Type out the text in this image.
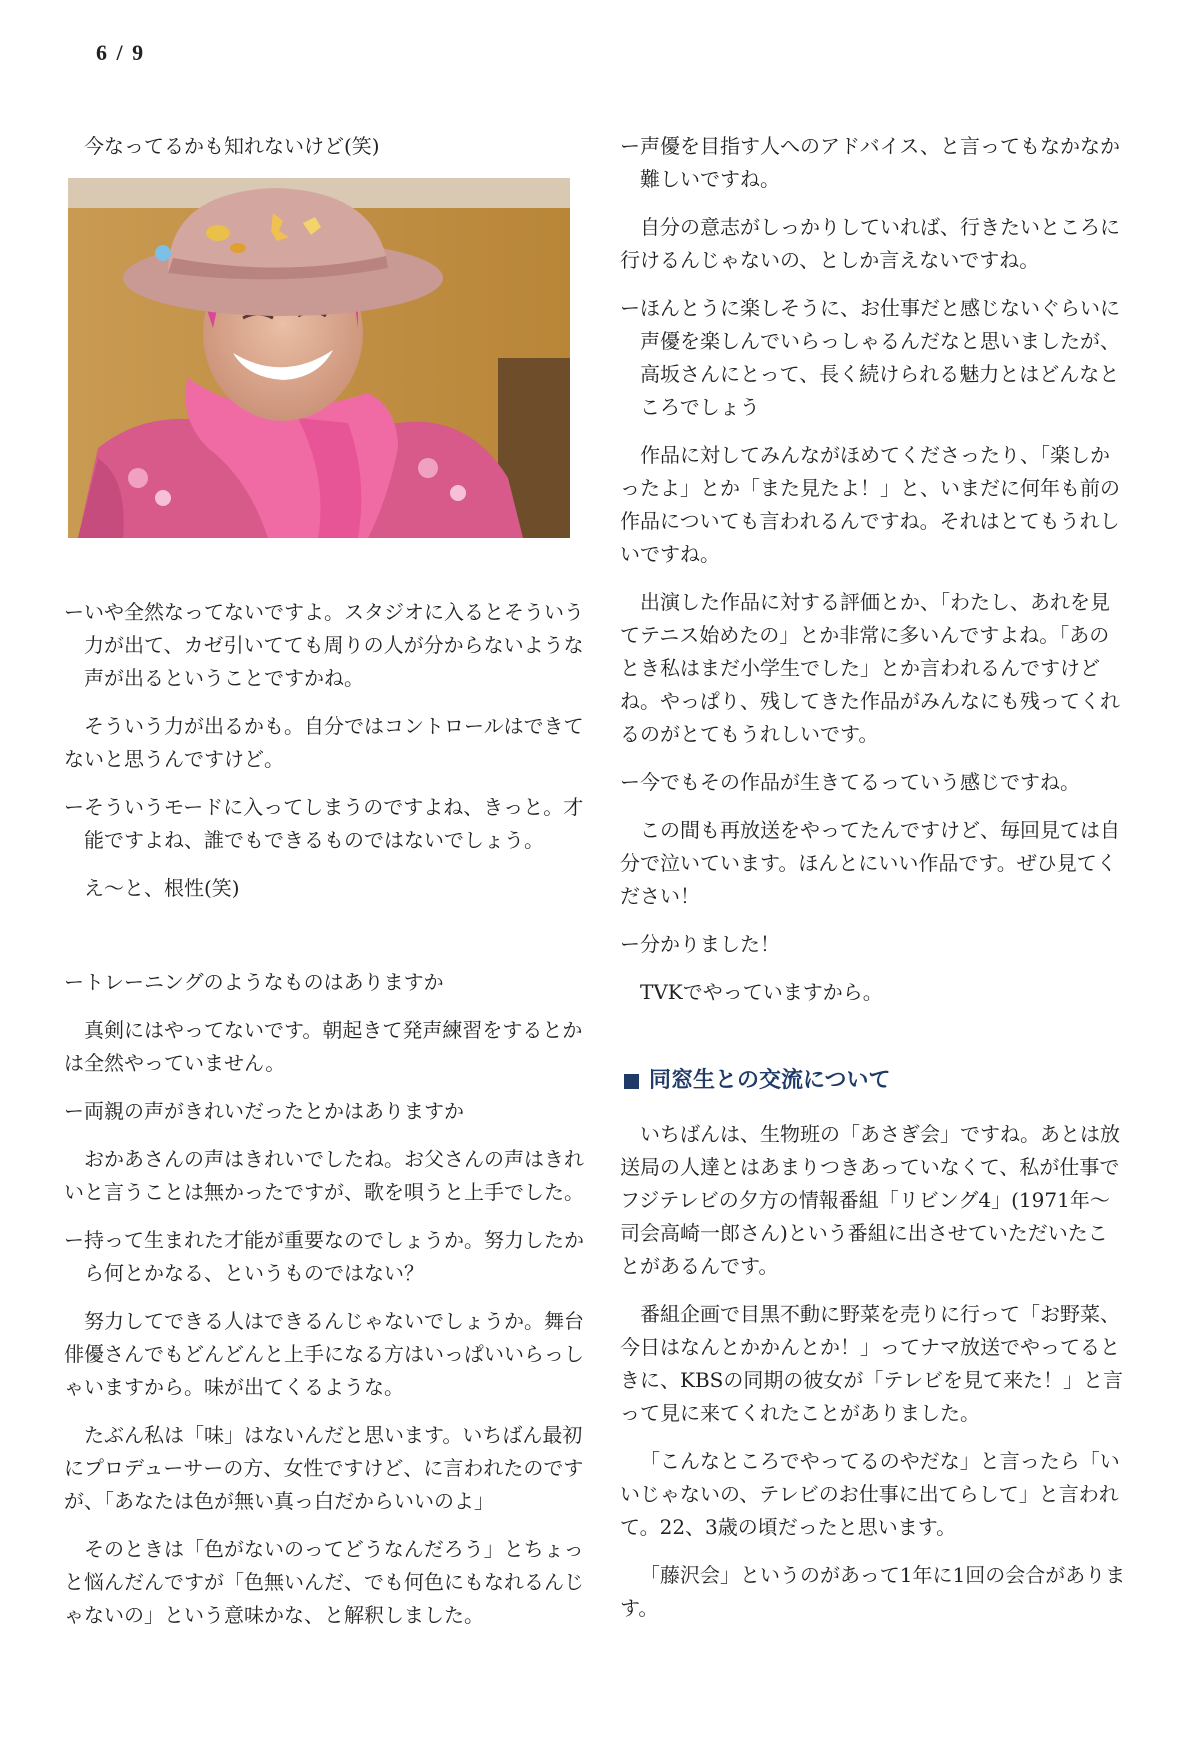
6 / 9

今なってるかも知れないけど(笑)

ーいや全然なってないですよ。スタジオに入るとそういう力が出て、カゼ引いてても周りの人が分からないような声が出るということですかね。

そういう力が出るかも。自分ではコントロールはできてないと思うんですけど。

ーそういうモードに入ってしまうのですよね、きっと。才能ですよね、誰でもできるものではないでしょう。

え～と、根性(笑)

ートレーニングのようなものはありますか

真剣にはやってないです。朝起きて発声練習をするとかは全然やっていません。

ー両親の声がきれいだったとかはありますか

おかあさんの声はきれいでしたね。お父さんの声はきれいと言うことは無かったですが、歌を唄うと上手でした。

ー持って生まれた才能が重要なのでしょうか。努力したから何とかなる、というものではない？

努力してできる人はできるんじゃないでしょうか。舞台俳優さんでもどんどんと上手になる方はいっぱいいらっしゃいますから。味が出てくるような。

たぶん私は「味」はないんだと思います。いちばん最初にプロデューサーの方、女性ですけど、に言われたのですが、「あなたは色が無い真っ白だからいいのよ」

そのときは「色がないのってどうなんだろう」とちょっと悩んだんですが「色無いんだ、でも何色にもなれるんじゃないの」という意味かな、と解釈しました。

ー声優を目指す人へのアドバイス、と言ってもなかなか難しいですね。

自分の意志がしっかりしていれば、行きたいところに行けるんじゃないの、としか言えないですね。

ーほんとうに楽しそうに、お仕事だと感じないぐらいに声優を楽しんでいらっしゃるんだなと思いましたが、高坂さんにとって、長く続けられる魅力とはどんなところでしょう

作品に対してみんながほめてくださったり、「楽しかったよ」とか「また見たよ！」と、いまだに何年も前の作品についても言われるんですね。それはとてもうれしいですね。

出演した作品に対する評価とか、「わたし、あれを見てテニス始めたの」とか非常に多いんですよね。「あのとき私はまだ小学生でした」とか言われるんですけどね。やっぱり、残してきた作品がみんなにも残ってくれるのがとてもうれしいです。

ー今でもその作品が生きてるっていう感じですね。

この間も再放送をやってたんですけど、毎回見ては自分で泣いています。ほんとにいい作品です。ぜひ見てください！

ー分かりました！

TVKでやっていますから。

同窓生との交流について

いちばんは、生物班の「あさぎ会」ですね。あとは放送局の人達とはあまりつきあっていなくて、私が仕事でフジテレビの夕方の情報番組「リビング4」(1971年～司会高崎一郎さん)という番組に出させていただいたことがあるんです。

番組企画で目黒不動に野菜を売りに行って「お野菜、今日はなんとかかんとか！」ってナマ放送でやってるときに、KBSの同期の彼女が「テレビを見て来た！」と言って見に来てくれたことがありました。

「こんなところでやってるのやだな」と言ったら「いいじゃないの、テレビのお仕事に出てらして」と言われて。22、3歳の頃だったと思います。

「藤沢会」というのがあって1年に1回の会合があります。
